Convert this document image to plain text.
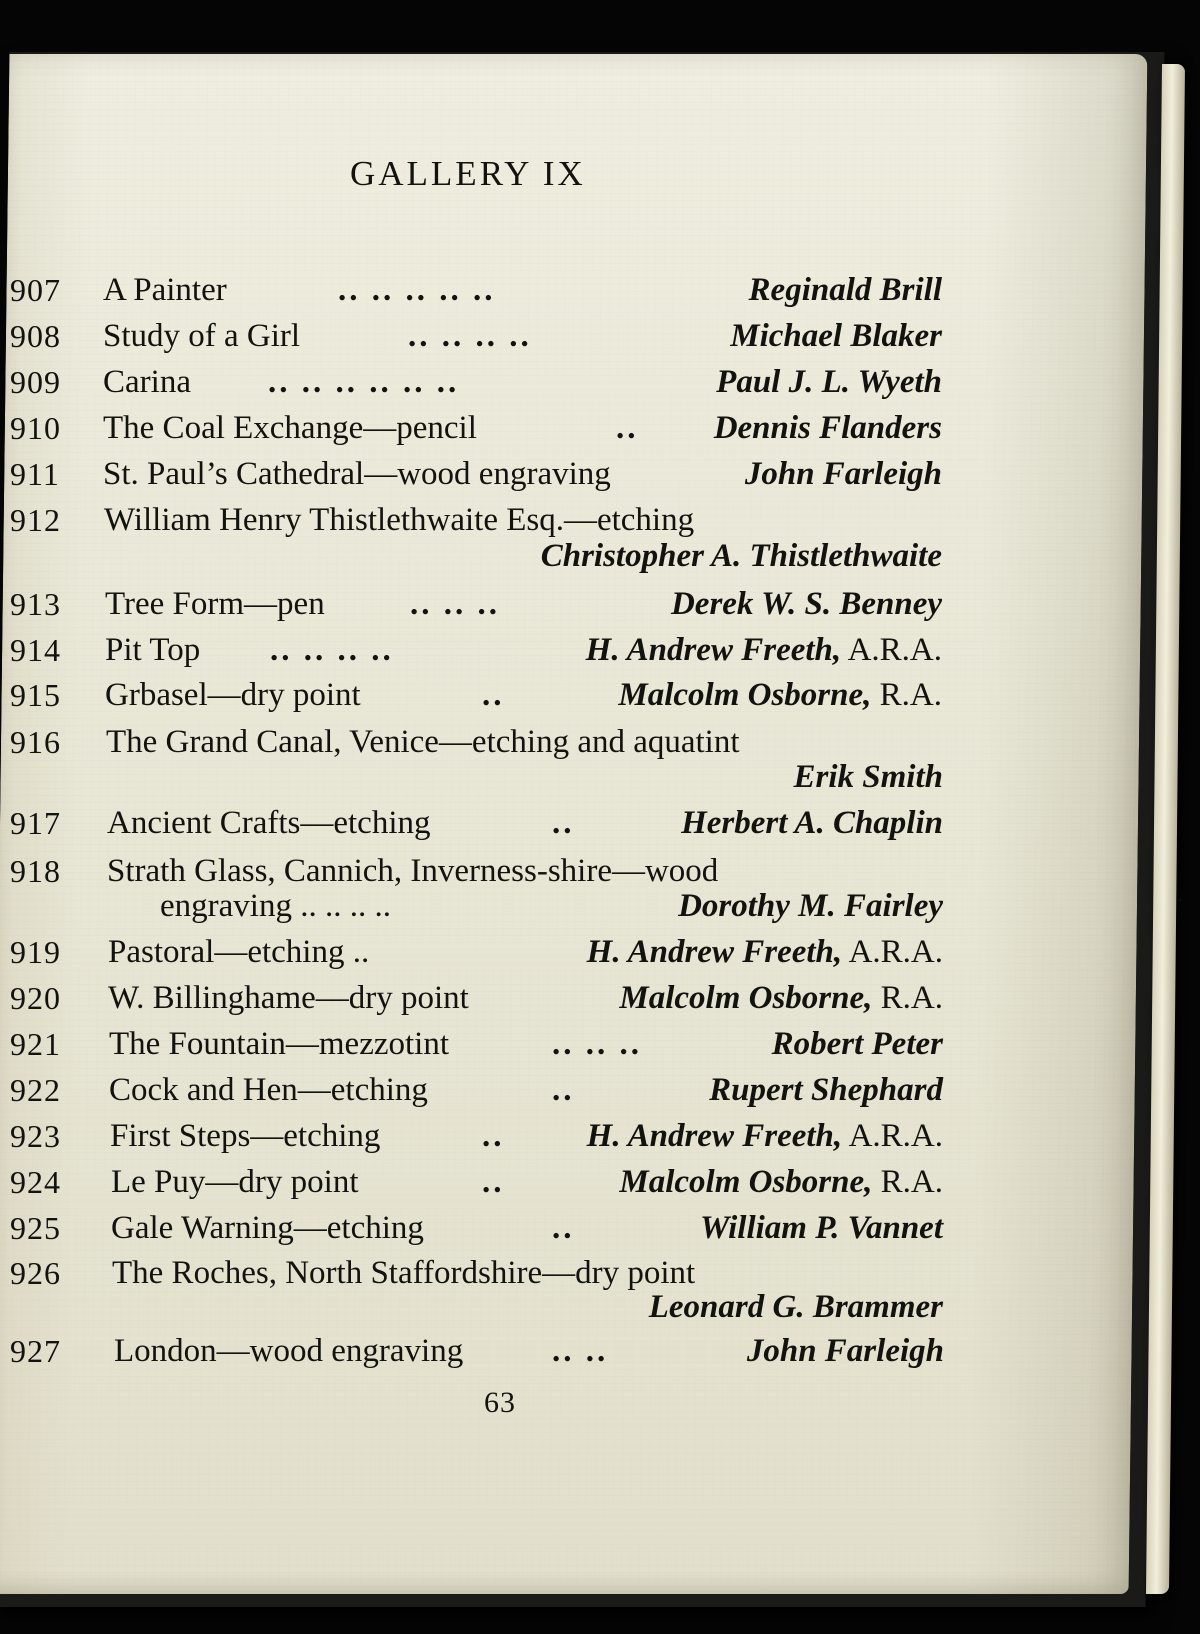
GALLERY IX
907	A Painter	.. .. .. .. ..	Reginald Brill
908	Study of a Girl	.. .. .. ..	Michael Blaker
909	Carina .. .. .. .. .. ..	Paul J. L. Wyeth
910	The Coal Exchange—pencil	.. Dennis Flanders
911	St. Paul’s Cathedral—wood engraving	John Farleigh
912	William Henry Thistlethwaite Esq.—etching
Christopher A. Thistlethwaite
913	Tree Form—pen	.. .. ..	Derek W. S. Benney
914	Pit Top .. .. .. ..	H. Andrew Freeth, A.R.A.
915	Grbasel—dry point	..	Malcolm Osborne, R.A.
916	The Grand Canal, Venice—etching and aquatint
Erik Smith
917	Ancient Crafts—etching	..	Herbert A. Chaplin
918	Strath Glass, Cannich, Inverness-shire—wood
engraving .. .. .. ..	Dorothy M. Fairley
919	Pastoral—etching ..	H. Andrew Freeth, A.R.A.
920	W. Billinghame—dry point	Malcolm Osborne, R.A.
921	The Fountain—mezzotint	.. .. ..	Robert Peter
922	Cock and Hen—etching	..	Rupert Shephard
923	First Steps—etching	.. H. Andrew Freeth, A.R.A.
924	Le Puy—dry point	..	Malcolm Osborne, R.A.
925	Gale Warning—etching	..	William P. Vannet
926	The Roches, North Staffordshire—dry point
Leonard G. Brammer
927	London—wood engraving	.. ..	John Farleigh
63
